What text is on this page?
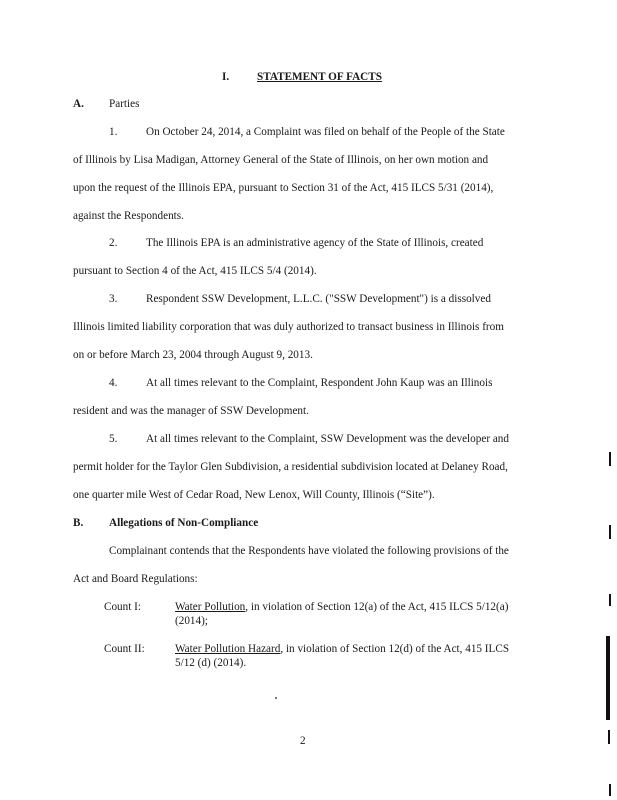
I. STATEMENT OF FACTS
A. Parties
1.	On October 24, 2014, a Complaint was filed on behalf of the People of the State
of Illinois by Lisa Madigan, Attorney General of the State of Illinois, on her own motion and
upon the request of the Illinois EPA, pursuant to Section 31 of the Act, 415 ILCS 5/31 (2014),
against the Respondents.
2.	The Illinois EPA is an administrative agency of the State of Illinois, created
pursuant to Section 4 of the Act, 415 ILCS 5/4 (2014).
3.	Respondent SSW Development, L.L.C. ("SSW Development") is a dissolved
Illinois limited liability corporation that was duly authorized to transact business in Illinois from
on or before March 23, 2004 through August 9, 2013.
4.	At all times relevant to the Complaint, Respondent John Kaup was an Illinois
resident and was the manager of SSW Development.
5.	At all times relevant to the Complaint, SSW Development was the developer and
permit holder for the Taylor Glen Subdivision, a residential subdivision located at Delaney Road,
one quarter mile West of Cedar Road, New Lenox, Will County, Illinois (“Site”).
B. Allegations of Non-Compliance
Complainant contends that the Respondents have violated the following provisions of the
Act and Board Regulations:
Count I:	Water Pollution, in violation of Section 12(a) of the Act, 415 ILCS 5/12(a)
(2014);
Count II:	Water Pollution Hazard, in violation of Section 12(d) of the Act, 415 ILCS
5/12 (d) (2014).
2
